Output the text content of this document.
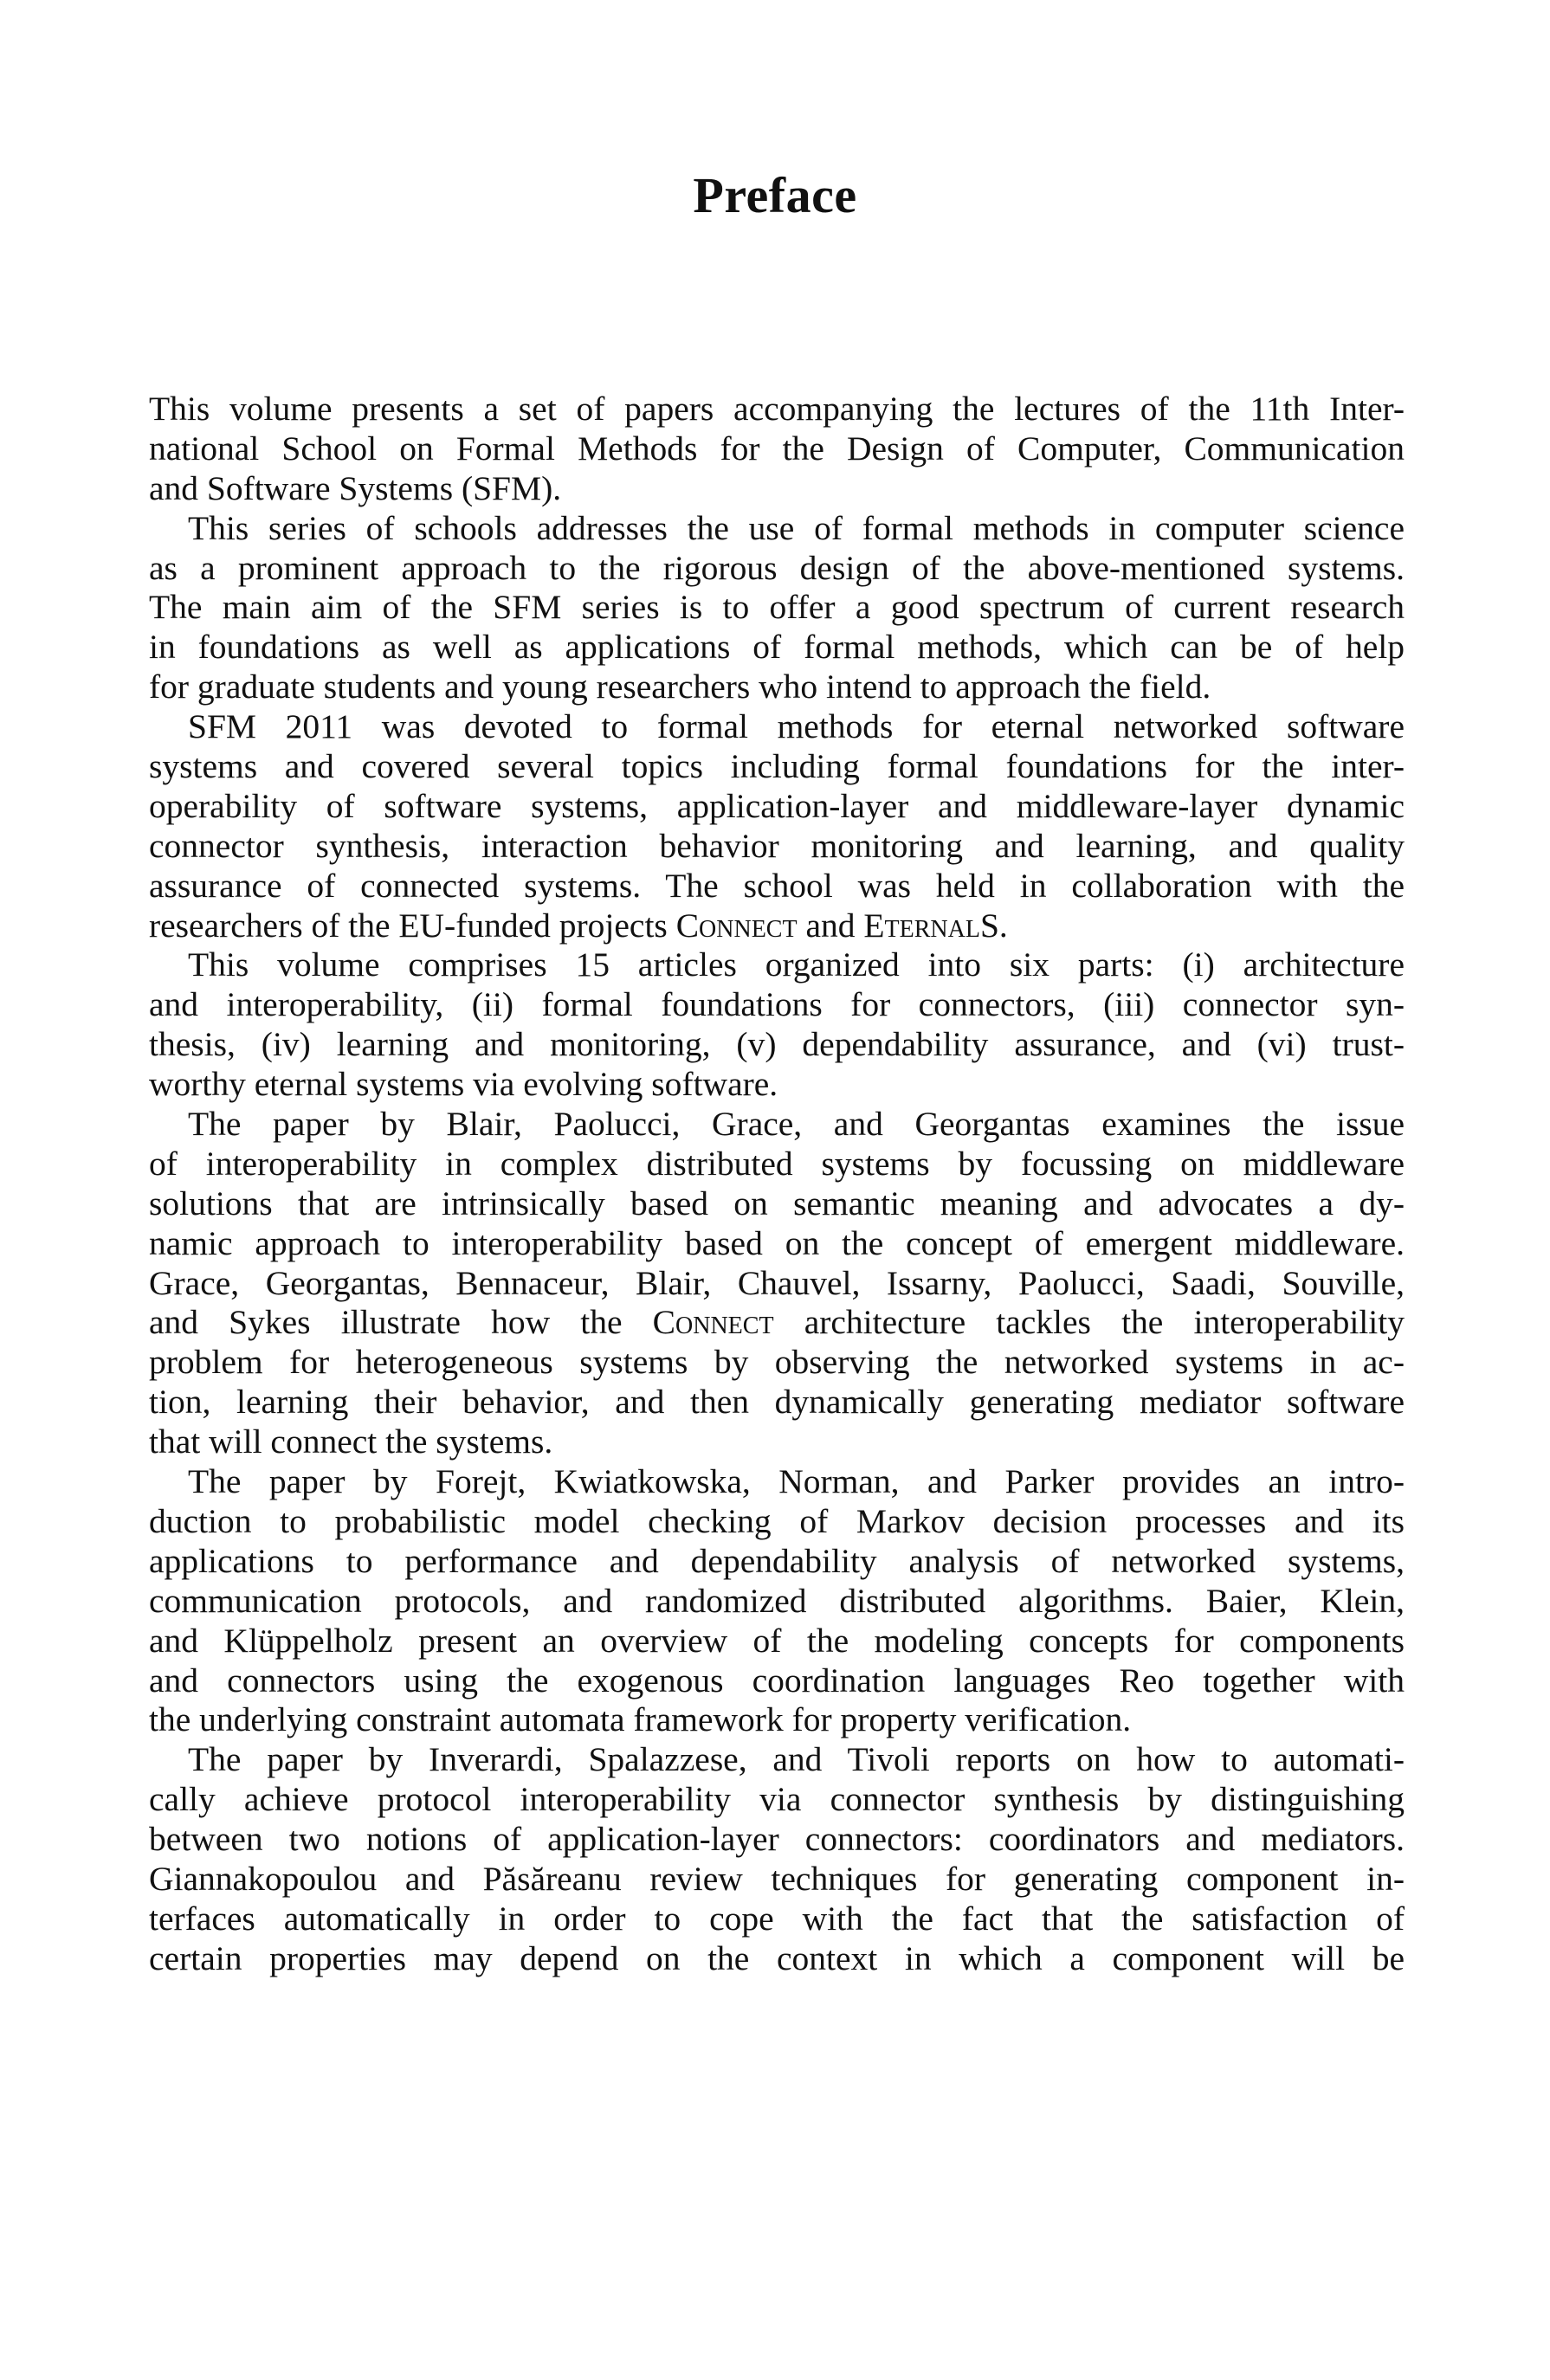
Preface
This volume presents a set of papers accompanying the lectures of the 11th Inter-
national School on Formal Methods for the Design of Computer, Communication
and Software Systems (SFM).
This series of schools addresses the use of formal methods in computer science
as a prominent approach to the rigorous design of the above-mentioned systems.
The main aim of the SFM series is to offer a good spectrum of current research
in foundations as well as applications of formal methods, which can be of help
for graduate students and young researchers who intend to approach the field.
SFM 2011 was devoted to formal methods for eternal networked software
systems and covered several topics including formal foundations for the inter-
operability of software systems, application-layer and middleware-layer dynamic
connector synthesis, interaction behavior monitoring and learning, and quality
assurance of connected systems. The school was held in collaboration with the
researchers of the EU-funded projects Connect and EternalS.
This volume comprises 15 articles organized into six parts: (i) architecture
and interoperability, (ii) formal foundations for connectors, (iii) connector syn-
thesis, (iv) learning and monitoring, (v) dependability assurance, and (vi) trust-
worthy eternal systems via evolving software.
The paper by Blair, Paolucci, Grace, and Georgantas examines the issue
of interoperability in complex distributed systems by focussing on middleware
solutions that are intrinsically based on semantic meaning and advocates a dy-
namic approach to interoperability based on the concept of emergent middleware.
Grace, Georgantas, Bennaceur, Blair, Chauvel, Issarny, Paolucci, Saadi, Souville,
and Sykes illustrate how the Connect architecture tackles the interoperability
problem for heterogeneous systems by observing the networked systems in ac-
tion, learning their behavior, and then dynamically generating mediator software
that will connect the systems.
The paper by Forejt, Kwiatkowska, Norman, and Parker provides an intro-
duction to probabilistic model checking of Markov decision processes and its
applications to performance and dependability analysis of networked systems,
communication protocols, and randomized distributed algorithms. Baier, Klein,
and Klüppelholz present an overview of the modeling concepts for components
and connectors using the exogenous coordination languages Reo together with
the underlying constraint automata framework for property verification.
The paper by Inverardi, Spalazzese, and Tivoli reports on how to automati-
cally achieve protocol interoperability via connector synthesis by distinguishing
between two notions of application-layer connectors: coordinators and mediators.
Giannakopoulou and Păsăreanu review techniques for generating component in-
terfaces automatically in order to cope with the fact that the satisfaction of
certain properties may depend on the context in which a component will be
